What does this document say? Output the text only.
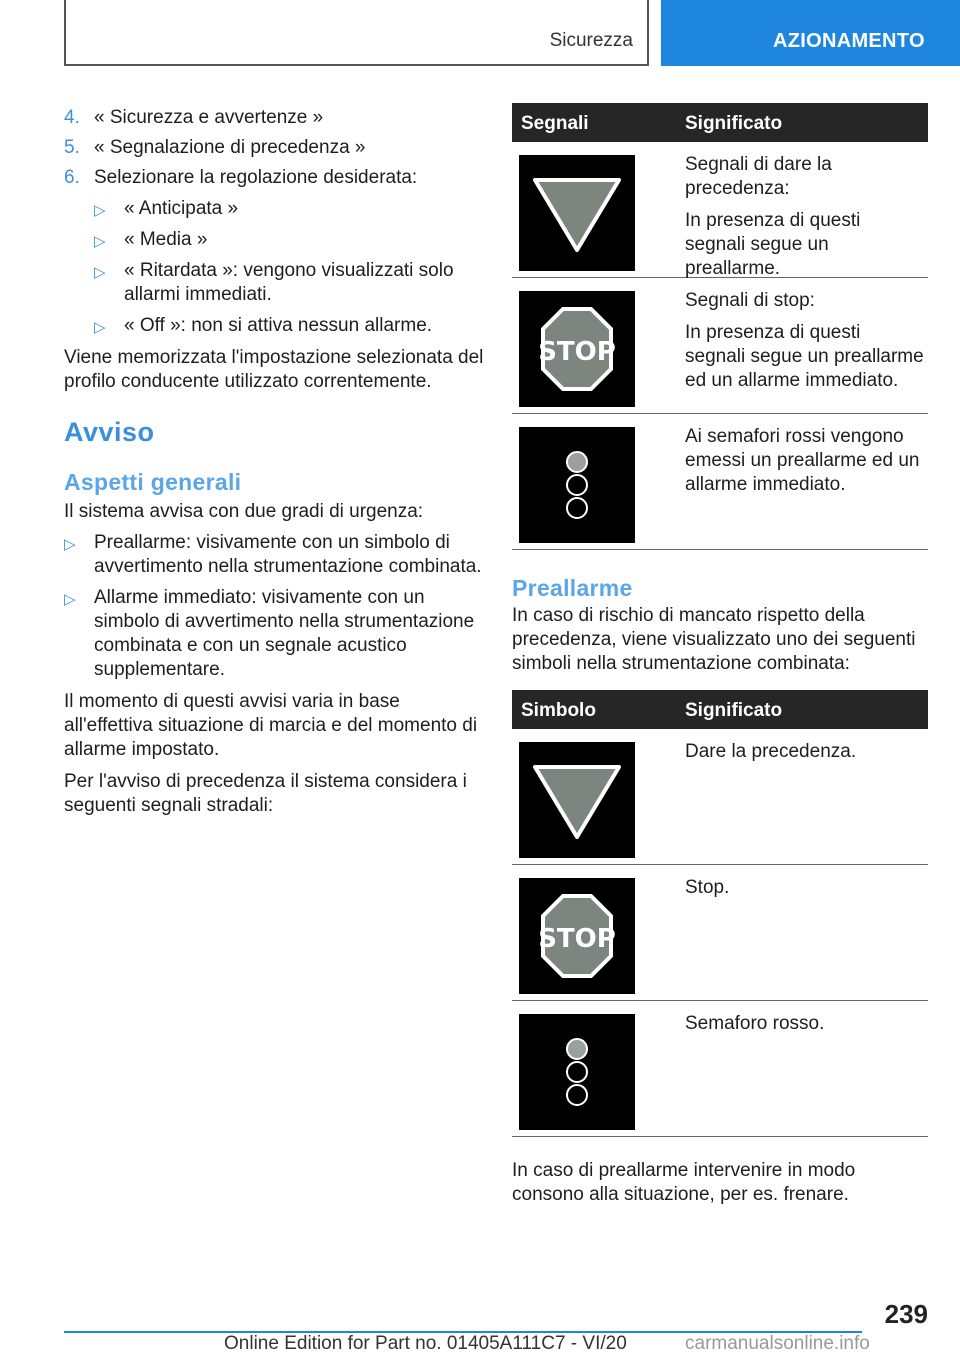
Sicurezza	AZIONAMENTO
4. « Sicurezza e avvertenze »
5. « Segnalazione di precedenza »
6. Selezionare la regolazione desiderata:
▷ « Anticipata »
▷ « Media »
▷ « Ritardata »: vengono visualizzati solo allarmi immediati.
▷ « Off »: non si attiva nessun allarme.

Viene memorizzata l'impostazione selezionata del profilo conducente utilizzato correntemente.

Avviso
Aspetti generali

Il sistema avvisa con due gradi di urgenza:

▷ Preallarme: visivamente con un simbolo di avvertimento nella strumentazione combinata.
▷ Allarme immediato: visivamente con un simbolo di avvertimento nella strumentazione combinata e con un segnale acustico supplementare.

Il momento di questi avvisi varia in base all'effettiva situazione di marcia e del momento di allarme impostato.

Per l'avviso di precedenza il sistema considera i seguenti segnali stradali:

Segnali	Significato

Segnali di dare la precedenza:

In presenza di questi segnali segue un preallarme.

STOP

Segnali di stop:

In presenza di questi segnali segue un preallarme ed un allarme immediato.

Ai semafori rossi vengono emessi un preallarme ed un allarme immediato.

Preallarme

In caso di rischio di mancato rispetto della precedenza, viene visualizzato uno dei seguenti simboli nella strumentazione combinata:

Simbolo	Significato

Dare la precedenza.

STOP

Stop.

Semaforo rosso.

In caso di preallarme intervenire in modo consono alla situazione, per es. frenare.

239
Online Edition for Part no. 01405A111C7 - VI/20	carmanualsonline.info
